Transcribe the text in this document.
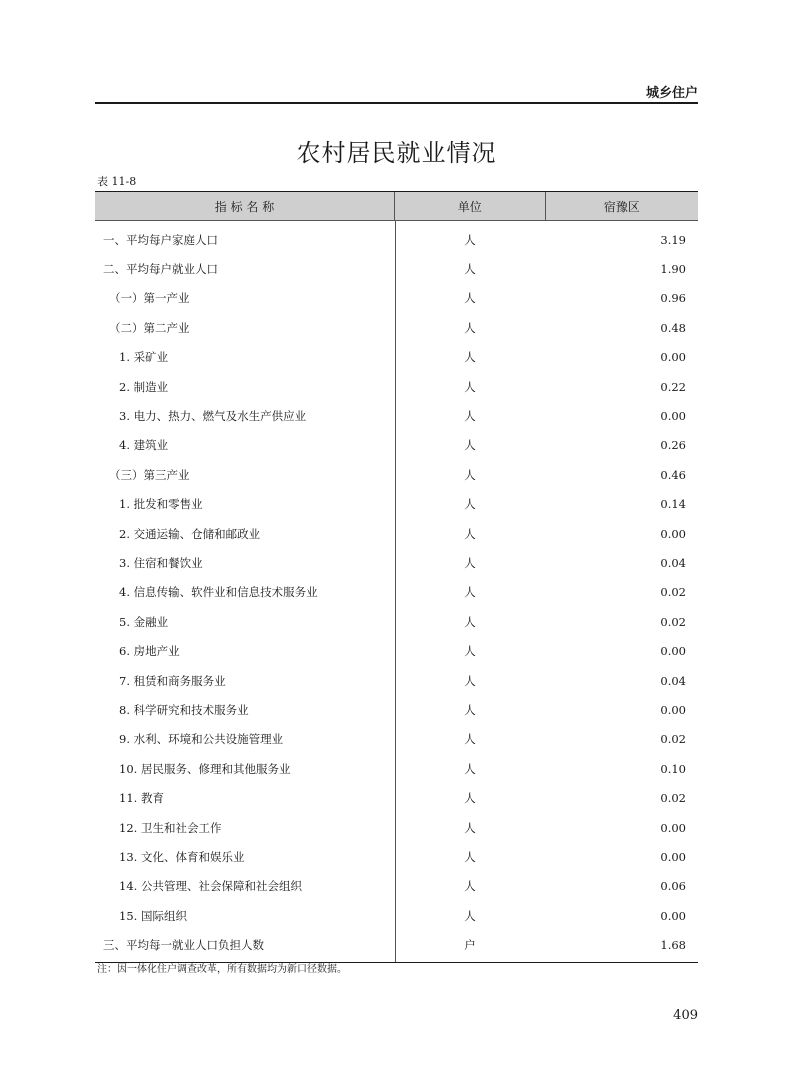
城乡住户
农村居民就业情况
表 11-8
指 标 名 称	单位	宿豫区
一、平均每户家庭人口	人	3.19
二、平均每户就业人口	人	1.90
（一）第一产业	人	0.96
（二）第二产业	人	0.48
1. 采矿业	人	0.00
2. 制造业	人	0.22
3. 电力、热力、燃气及水生产供应业	人	0.00
4. 建筑业	人	0.26
（三）第三产业	人	0.46
1. 批发和零售业	人	0.14
2. 交通运输、仓储和邮政业	人	0.00
3. 住宿和餐饮业	人	0.04
4. 信息传输、软件业和信息技术服务业	人	0.02
5. 金融业	人	0.02
6. 房地产业	人	0.00
7. 租赁和商务服务业	人	0.04
8. 科学研究和技术服务业	人	0.00
9. 水利、环境和公共设施管理业	人	0.02
10. 居民服务、修理和其他服务业	人	0.10
11. 教育	人	0.02
12. 卫生和社会工作	人	0.00
13. 文化、体育和娱乐业	人	0.00
14. 公共管理、社会保障和社会组织	人	0.06
15. 国际组织	人	0.00
三、平均每一就业人口负担人数	户	1.68
注：因一体化住户调查改革，所有数据均为新口径数据。
409
